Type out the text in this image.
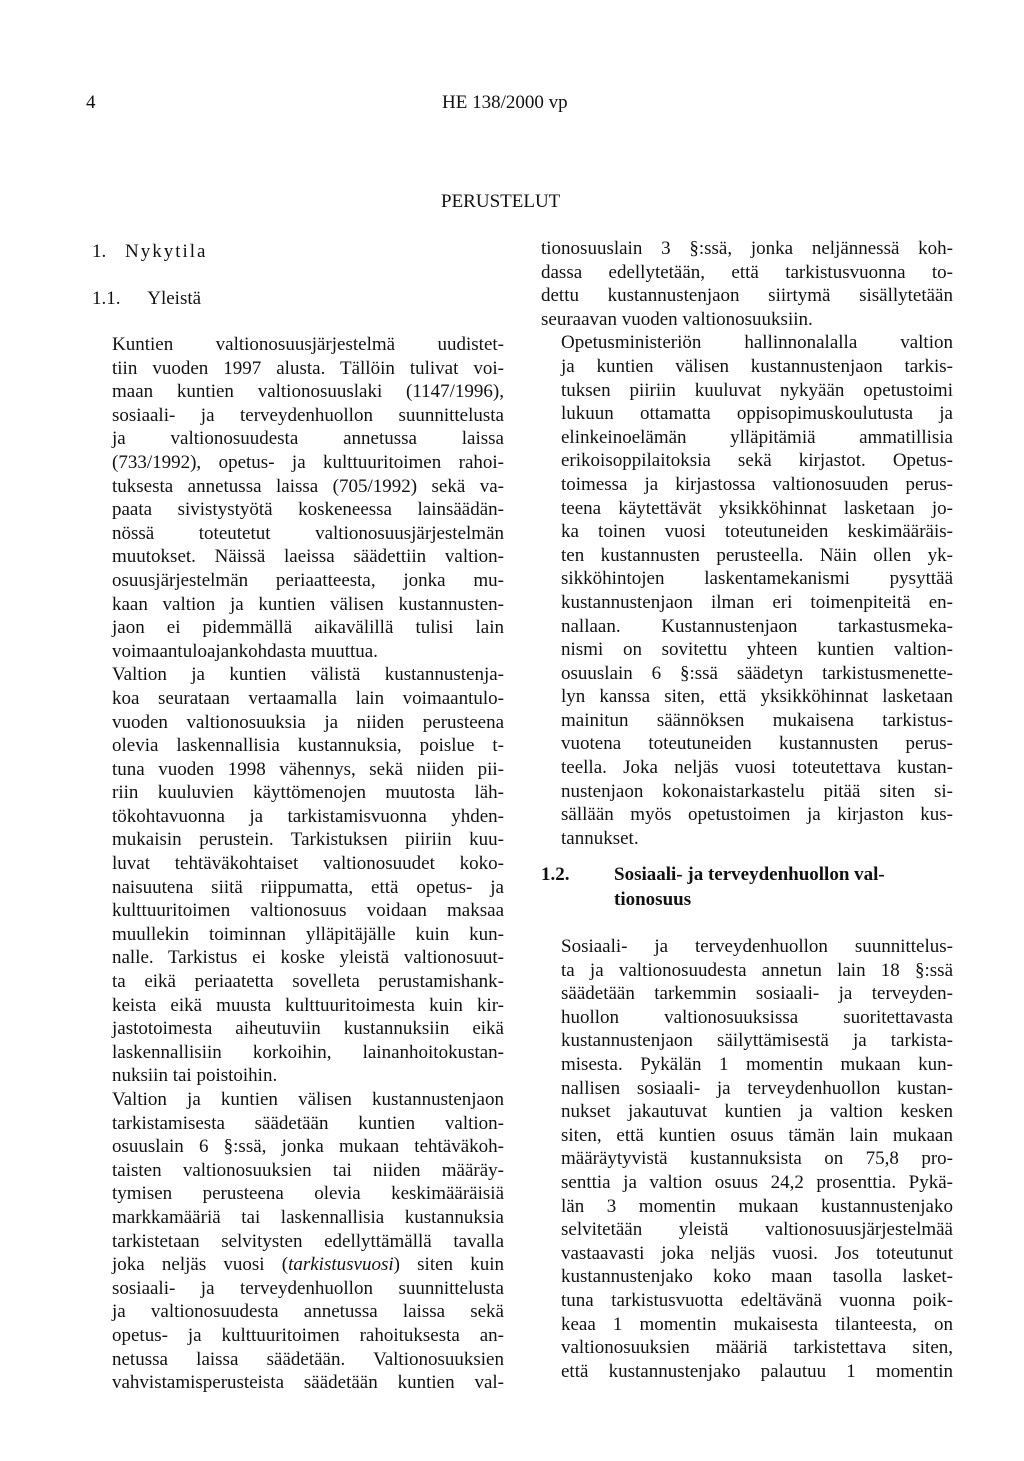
4	HE 138/2000 vp
PERUSTELUT
1. Nykytila
1.1. Yleistä

Kuntien valtionosuusjärjestelmä uudistet-
tiin vuoden 1997 alusta. Tällöin tulivat voi-
maan kuntien valtionosuuslaki (1147/1996),
sosiaali- ja terveydenhuollon suunnittelusta
ja valtionosuudesta annetussa laissa
(733/1992), opetus- ja kulttuuritoimen rahoi-
tuksesta annetussa laissa (705/1992) sekä va-
paata sivistystyötä koskeneessa lainsäädän-
nössä toteutetut valtionosuusjärjestelmän
muutokset. Näissä laeissa säädettiin valtion-
osuusjärjestelmän periaatteesta, jonka mu-
kaan valtion ja kuntien välisen kustannusten-
jaon ei pidemmällä aikavälillä tulisi lain
voimaantuloajankohdasta muuttua.

Valtion ja kuntien välistä kustannustenja-
koa seurataan vertaamalla lain voimaantulo-
vuoden valtionosuuksia ja niiden perusteena
olevia laskennallisia kustannuksia, poislue t-
tuna vuoden 1998 vähennys, sekä niiden pii-
riin kuuluvien käyttömenojen muutosta läh-
tökohtavuonna ja tarkistamisvuonna yhden-
mukaisin perustein. Tarkistuksen piiriin kuu-
luvat tehtäväkohtaiset valtionosuudet koko-
naisuutena siitä riippumatta, että opetus- ja
kulttuuritoimen valtionosuus voidaan maksaa
muullekin toiminnan ylläpitäjälle kuin kun-
nalle. Tarkistus ei koske yleistä valtionosuut-
ta eikä periaatetta sovelleta perustamishank-
keista eikä muusta kulttuuritoimesta kuin kir-
jastotoimesta aiheutuviin kustannuksiin eikä
laskennallisiin korkoihin, lainanhoitokustan-
nuksiin tai poistoihin.

Valtion ja kuntien välisen kustannustenjaon
tarkistamisesta säädetään kuntien valtion-
osuuslain 6 §:ssä, jonka mukaan tehtäväkoh-
taisten valtionosuuksien tai niiden määräy-
tymisen perusteena olevia keskimääräisiä
markkamääriä tai laskennallisia kustannuksia
tarkistetaan selvitysten edellyttämällä tavalla
joka neljäs vuosi (tarkistusvuosi) siten kuin
sosiaali- ja terveydenhuollon suunnittelusta
ja valtionosuudesta annetussa laissa sekä
opetus- ja kulttuuritoimen rahoituksesta an-
netussa laissa säädetään. Valtionosuuksien
vahvistamisperusteista säädetään kuntien val-

tionosuuslain 3 §:ssä, jonka neljännessä koh-
dassa edellytetään, että tarkistusvuonna to-
dettu kustannustenjaon siirtymä sisällytetään
seuraavan vuoden valtionosuuksiin.

Opetusministeriön hallinnonalalla valtion
ja kuntien välisen kustannustenjaon tarkis-
tuksen piiriin kuuluvat nykyään opetustoimi
lukuun ottamatta oppisopimuskoulutusta ja
elinkeinoelämän ylläpitämiä ammatillisia
erikoisoppilaitoksia sekä kirjastot. Opetus-
toimessa ja kirjastossa valtionosuuden perus-
teena käytettävät yksikköhinnat lasketaan jo-
ka toinen vuosi toteutuneiden keskimääräis-
ten kustannusten perusteella. Näin ollen yk-
sikköhintojen laskentamekanismi pysyttää
kustannustenjaon ilman eri toimenpiteitä en-
nallaan. Kustannustenjaon tarkastusmeka-
nismi on sovitettu yhteen kuntien valtion-
osuuslain 6 §:ssä säädetyn tarkistusmenette-
lyn kanssa siten, että yksikköhinnat lasketaan
mainitun säännöksen mukaisena tarkistus-
vuotena toteutuneiden kustannusten perus-
teella. Joka neljäs vuosi toteutettava kustan-
nustenjaon kokonaistarkastelu pitää siten si-
sällään myös opetustoimen ja kirjaston kus-
tannukset.

1.2. Sosiaali- ja terveydenhuollon val-
tionosuus

Sosiaali- ja terveydenhuollon suunnittelus-
ta ja valtionosuudesta annetun lain 18 §:ssä
säädetään tarkemmin sosiaali- ja terveyden-
huollon valtionosuuksissa suoritettavasta
kustannustenjaon säilyttämisestä ja tarkista-
misesta. Pykälän 1 momentin mukaan kun-
nallisen sosiaali- ja terveydenhuollon kustan-
nukset jakautuvat kuntien ja valtion kesken
siten, että kuntien osuus tämän lain mukaan
määräytyvistä kustannuksista on 75,8 pro-
senttia ja valtion osuus 24,2 prosenttia. Pykä-
län 3 momentin mukaan kustannustenjako
selvitetään yleistä valtionosuusjärjestelmää
vastaavasti joka neljäs vuosi. Jos toteutunut
kustannustenjako koko maan tasolla lasket-
tuna tarkistusvuotta edeltävänä vuonna poik-
keaa 1 momentin mukaisesta tilanteesta, on
valtionosuuksien määriä tarkistettava siten,
että kustannustenjako palautuu 1 momentin
